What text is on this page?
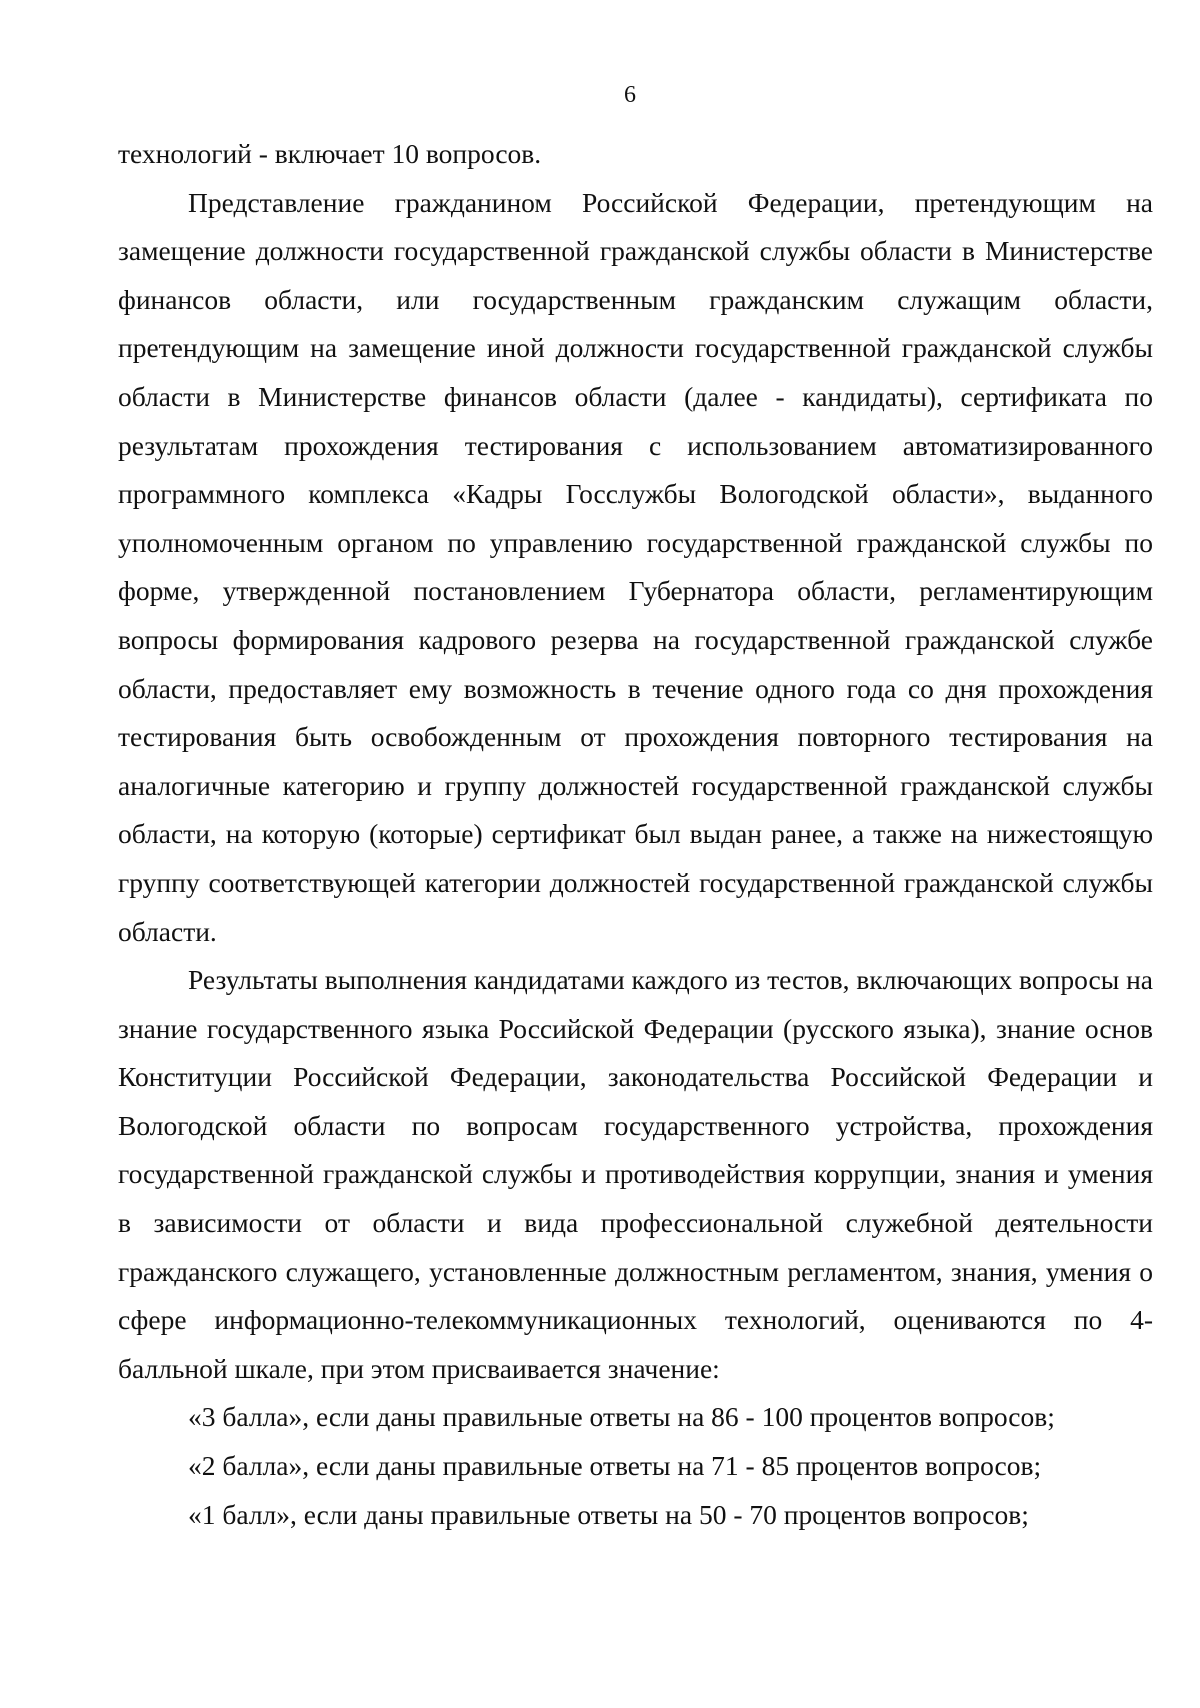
6

технологий - включает 10 вопросов.

Представление гражданином Российской Федерации, претендующим на замещение должности государственной гражданской службы области в Министерстве финансов области, или государственным гражданским служащим области, претендующим на замещение иной должности государственной гражданской службы области в Министерстве финансов области (далее - кандидаты), сертификата по результатам прохождения тестирования с использованием автоматизированного программного комплекса «Кадры Госслужбы Вологодской области», выданного уполномоченным органом по управлению государственной гражданской службы по форме, утвержденной постановлением Губернатора области, регламентирующим вопросы формирования кадрового резерва на государственной гражданской службе области, предоставляет ему возможность в течение одного года со дня прохождения тестирования быть освобожденным от прохождения повторного тестирования на аналогичные категорию и группу должностей государственной гражданской службы области, на которую (которые) сертификат был выдан ранее, а также на нижестоящую группу соответствующей категории должностей государственной гражданской службы области.

Результаты выполнения кандидатами каждого из тестов, включающих вопросы на знание государственного языка Российской Федерации (русского языка), знание основ Конституции Российской Федерации, законодательства Российской Федерации и Вологодской области по вопросам государственного устройства, прохождения государственной гражданской службы и противодействия коррупции, знания и умения в зависимости от области и вида профессиональной служебной деятельности гражданского служащего, установленные должностным регламентом, знания, умения о сфере информационно-телекоммуникационных технологий, оцениваются по 4-балльной шкале, при этом присваивается значение:

«3 балла», если даны правильные ответы на 86 - 100 процентов вопросов;

«2 балла», если даны правильные ответы на 71 - 85 процентов вопросов;

«1 балл», если даны правильные ответы на 50 - 70 процентов вопросов;
